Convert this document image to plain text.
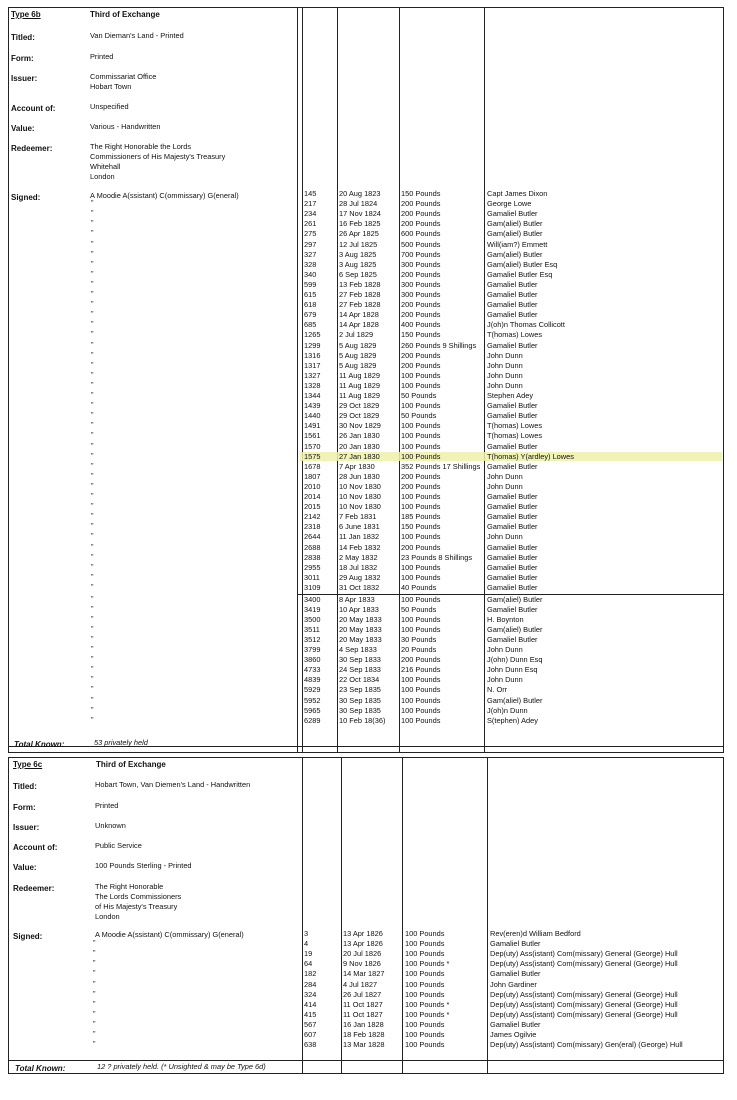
Type 6b	Third of Exchange
Titled:	Van Dieman's Land - Printed
Form:	Printed
Issuer:	Commissariat Office
Hobart Town
Account of:	Unspecified
Value:	Various - Handwritten
Redeemer:	The Right Honorable the Lords
Commissioners of His Majesty's Treasury
Whitehall
London
Signed:	A Moodie A(ssistant) C(ommissary) G(eneral)	145	20 Aug 1823	150 Pounds	Capt James Dixon
"	217	28 Jul 1824	200 Pounds	George Lowe
"	234	17 Nov 1824	200 Pounds	Gamaliel Butler
"	261	16 Feb 1825	200 Pounds	Gam(aliel) Butler
"	275	26 Apr 1825	600 Pounds	Gam(aliel) Butler
"	297	12 Jul 1825	500 Pounds	Will(iam?) Emmett
"	327	3 Aug 1825	700 Pounds	Gam(aliel) Butler
"	328	3 Aug 1825	300 Pounds	Gam(aliel) Butler Esq
"	340	6 Sep 1825	200 Pounds	Gamaliel Butler Esq
"	599	13 Feb 1828	300 Pounds	Gamaliel Butler
"	615	27 Feb 1828	300 Pounds	Gamaliel Butler
"	618	27 Feb 1828	200 Pounds	Gamaliel Butler
"	679	14 Apr 1828	200 Pounds	Gamaliel Butler
"	685	14 Apr 1828	400 Pounds	J(oh)n Thomas Collicott
"	1265	2 Jul 1829	150 Pounds	T(homas) Lowes
"	1299	5 Aug 1829	260 Pounds 9 Shillings Gamaliel Butler
"	1316	5 Aug 1829	200 Pounds	John Dunn
"	1317	5 Aug 1829	200 Pounds	John Dunn
"	1327	11 Aug 1829	100 Pounds	John Dunn
"	1328	11 Aug 1829	100 Pounds	John Dunn
"	1344	11 Aug 1829	50 Pounds	Stephen Adey
"	1439	29 Oct 1829	100 Pounds	Gamaliel Butler
"	1440	29 Oct 1829	50 Pounds	Gamaliel Butler
"	1491	30 Nov 1829	100 Pounds	T(homas) Lowes
"	1561	26 Jan 1830	100 Pounds	T(homas) Lowes
"	1570	20 Jan 1830	100 Pounds	Gamaliel Butler
"	1575	27 Jan 1830	100 Pounds	T(homas) Y(ardley) Lowes
"	1678	7 Apr 1830	352 Pounds 17 Shillings Gamaliel Butler
"	1807	28 Jun 1830	200 Pounds	John Dunn
"	2010	10 Nov 1830	200 Pounds	John Dunn
"	2014	10 Nov 1830	100 Pounds	Gamaliel Butler
"	2015	10 Nov 1830	100 Pounds	Gamaliel Butler
"	2142	7 Feb 1831	185 Pounds	Gamaliel Butler
"	2318	6 June 1831	150 Pounds	Gamaliel Butler
"	2644	11 Jan 1832	100 Pounds	John Dunn
"	2688	14 Feb 1832	200 Pounds	Gamaliel Butler
"	2838	2 May 1832	23 Pounds 8 Shillings Gamaliel Butler
"	2955	18 Jul 1832	100 Pounds	Gamaliel Butler
"	3011	29 Aug 1832	100 Pounds	Gamaliel Butler
"	3109	31 Oct 1832	40 Pounds	Gamaliel Butler
"	3400	8 Apr 1833	100 Pounds	Gam(aliel) Butler
"	3419	10 Apr 1833	50 Pounds	Gamaliel Butler
"	3500	20 May 1833	100 Pounds	H. Boynton
"	3511	20 May 1833	100 Pounds	Gam(aliel) Butler
"	3512	20 May 1833	30 Pounds	Gamaliel Butler
"	3799	4 Sep 1833	20 Pounds	John Dunn
"	3860	30 Sep 1833	200 Pounds	J(ohn) Dunn Esq
"	4733	24 Sep 1833	216 Pounds	John Dunn Esq
"	4839	22 Oct 1834	100 Pounds	John Dunn
"	5929	23 Sep 1835	100 Pounds	N. Orr
"	5952	30 Sep 1835	100 Pounds	Gam(aliel) Butler
"	5965	30 Sep 1835	100 Pounds	J(oh)n Dunn
"	6289	10 Feb 18(36) 100 Pounds	S(tephen) Adey
Total Known:	53 privately held
Type 6c	Third of Exchange
Titled:	Hobart Town, Van Diemen's Land - Handwritten
Form:	Printed
Issuer:	Unknown
Account of:	Public Service
Value:	100 Pounds Sterling - Printed
Redeemer:	The Right Honorable
The Lords Commissioners
of His Majesty's Treasury
London
Signed:	A Moodie A(ssistant) C(ommissary) G(eneral)	3	13 Apr 1826	100 Pounds	Rev(eren)d William Bedford
"	4	13 Apr 1826	100 Pounds	Gamaliel Butler
"	19	20 Jul 1826	100 Pounds	Dep(uty) Ass(istant) Com(missary) General (George) Hull
"	64	9 Nov 1826	100 Pounds *	Dep(uty) Ass(istant) Com(missary) General (George) Hull
"	182	14 Mar 1827	100 Pounds	Gamaliel Butler
"	284	4 Jul 1827	100 Pounds	John Gardiner
"	324	26 Jul 1827	100 Pounds	Dep(uty) Ass(istant) Com(missary) General (George) Hull
"	414	11 Oct 1827	100 Pounds *	Dep(uty) Ass(istant) Com(missary) General (George) Hull
"	415	11 Oct 1827	100 Pounds *	Dep(uty) Ass(istant) Com(missary) General (George) Hull
"	567	16 Jan 1828	100 Pounds	Gamaliel Butler
"	607	18 Feb 1828	100 Pounds	James Ogilvie
"	638	13 Mar 1828	100 Pounds	Dep(uty) Ass(istant) Com(missary) Gen(eral) (George) Hull
Total Known:	12 ? privately held. (* Unsighted & may be Type 6d)
